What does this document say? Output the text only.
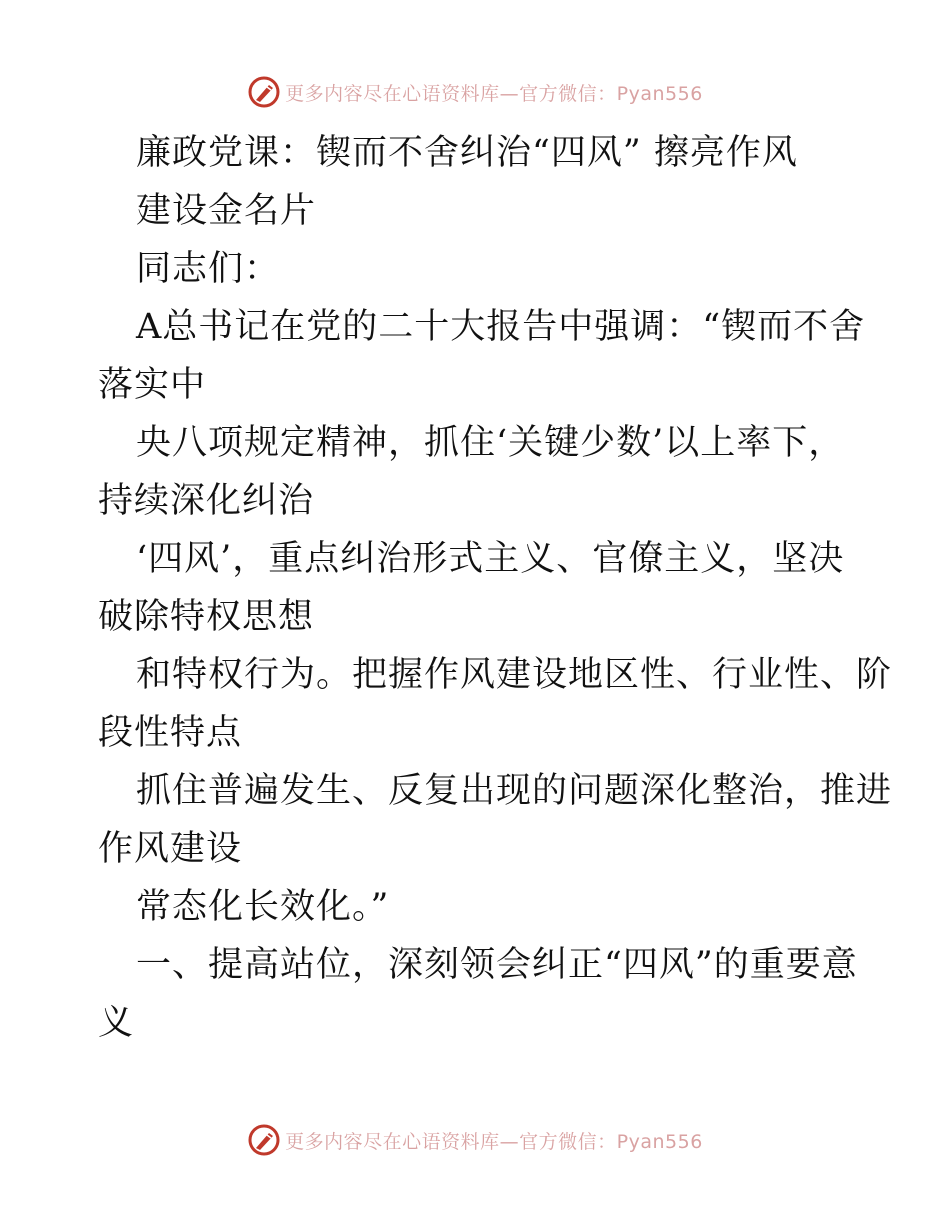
更多内容尽在心语资料库—官方微信：Pyan556
廉政党课：锲而不舍纠治“四风” 擦亮作风
建设金名片
同志们：
A总书记在党的二十大报告中强调：“锲而不舍
落实中
央八项规定精神，抓住‘关键少数’以上率下，
持续深化纠治
‘四风’，重点纠治形式主义、官僚主义，坚决
破除特权思想
和特权行为。把握作风建设地区性、行业性、阶
段性特点
抓住普遍发生、反复出现的问题深化整治，推进
作风建设
常态化长效化。”
一、提高站位，深刻领会纠正“四风”的重要意
义
更多内容尽在心语资料库—官方微信：Pyan556
